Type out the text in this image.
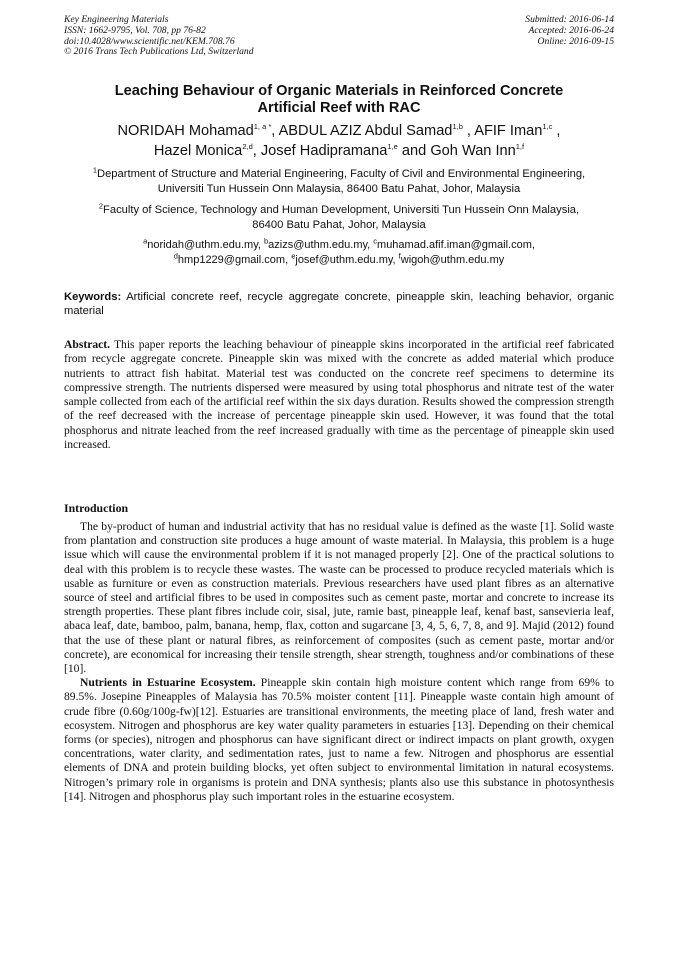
Key Engineering Materials
ISSN: 1662-9795, Vol. 708, pp 76-82
doi:10.4028/www.scientific.net/KEM.708.76
© 2016 Trans Tech Publications Ltd, Switzerland
Submitted: 2016-06-14
Accepted: 2016-06-24
Online: 2016-09-15
Leaching Behaviour of Organic Materials in Reinforced Concrete
Artificial Reef with RAC
NORIDAH Mohamad$^{1, a *}$, ABDUL AZIZ Abdul Samad$^{1,b}$ , AFIF Iman$^{1,c}$ ,
Hazel Monica$^{2,d}$, Josef Hadipramana$^{1,e}$ and Goh Wan Inn$^{1,f}$
$^1$Department of Structure and Material Engineering, Faculty of Civil and Environmental Engineering,
Universiti Tun Hussein Onn Malaysia, 86400 Batu Pahat, Johor, Malaysia
$^2$Faculty of Science, Technology and Human Development, Universiti Tun Hussein Onn Malaysia,
86400 Batu Pahat, Johor, Malaysia
$^a$noridah@uthm.edu.my, $^b$azizs@uthm.edu.my, $^c$muhamad.afif.iman@gmail.com,
$^d$hmp1229@gmail.com, $^e$josef@uthm.edu.my, $^f$wigoh@uthm.edu.my
Keywords: Artificial concrete reef, recycle aggregate concrete, pineapple skin, leaching behavior, organic material
Abstract. This paper reports the leaching behaviour of pineapple skins incorporated in the artificial reef fabricated from recycle aggregate concrete. Pineapple skin was mixed with the concrete as added material which produce nutrients to attract fish habitat. Material test was conducted on the concrete reef specimens to determine its compressive strength. The nutrients dispersed were measured by using total phosphorus and nitrate test of the water sample collected from each of the artificial reef within the six days duration. Results showed the compression strength of the reef decreased with the increase of percentage pineapple skin used. However, it was found that the total phosphorus and nitrate leached from the reef increased gradually with time as the percentage of pineapple skin used increased.
Introduction

The by-product of human and industrial activity that has no residual value is defined as the waste [1]. Solid waste from plantation and construction site produces a huge amount of waste material. In Malaysia, this problem is a huge issue which will cause the environmental problem if it is not managed properly [2]. One of the practical solutions to deal with this problem is to recycle these wastes. The waste can be processed to produce recycled materials which is usable as furniture or even as construction materials. Previous researchers have used plant fibres as an alternative source of steel and artificial fibres to be used in composites such as cement paste, mortar and concrete to increase its strength properties. These plant fibres include coir, sisal, jute, ramie bast, pineapple leaf, kenaf bast, sansevieria leaf, abaca leaf, date, bamboo, palm, banana, hemp, flax, cotton and sugarcane [3, 4, 5, 6, 7, 8, and 9]. Majid (2012) found that the use of these plant or natural fibres, as reinforcement of composites (such as cement paste, mortar and/or concrete), are economical for increasing their tensile strength, shear strength, toughness and/or combinations of these [10].

Nutrients in Estuarine Ecosystem. Pineapple skin contain high moisture content which range from 69% to 89.5%. Josepine Pineapples of Malaysia has 70.5% moister content [11]. Pineapple waste contain high amount of crude fibre (0.60g/100g-fw)[12]. Estuaries are transitional environments, the meeting place of land, fresh water and ecosystem. Nitrogen and phosphorus are key water quality parameters in estuaries [13]. Depending on their chemical forms (or species), nitrogen and phosphorus can have significant direct or indirect impacts on plant growth, oxygen concentrations, water clarity, and sedimentation rates, just to name a few. Nitrogen and phosphorus are essential elements of DNA and protein building blocks, yet often subject to environmental limitation in natural ecosystems. Nitrogen’s primary role in organisms is protein and DNA synthesis; plants also use this substance in photosynthesis [14]. Nitrogen and phosphorus play such important roles in the estuarine ecosystem.
